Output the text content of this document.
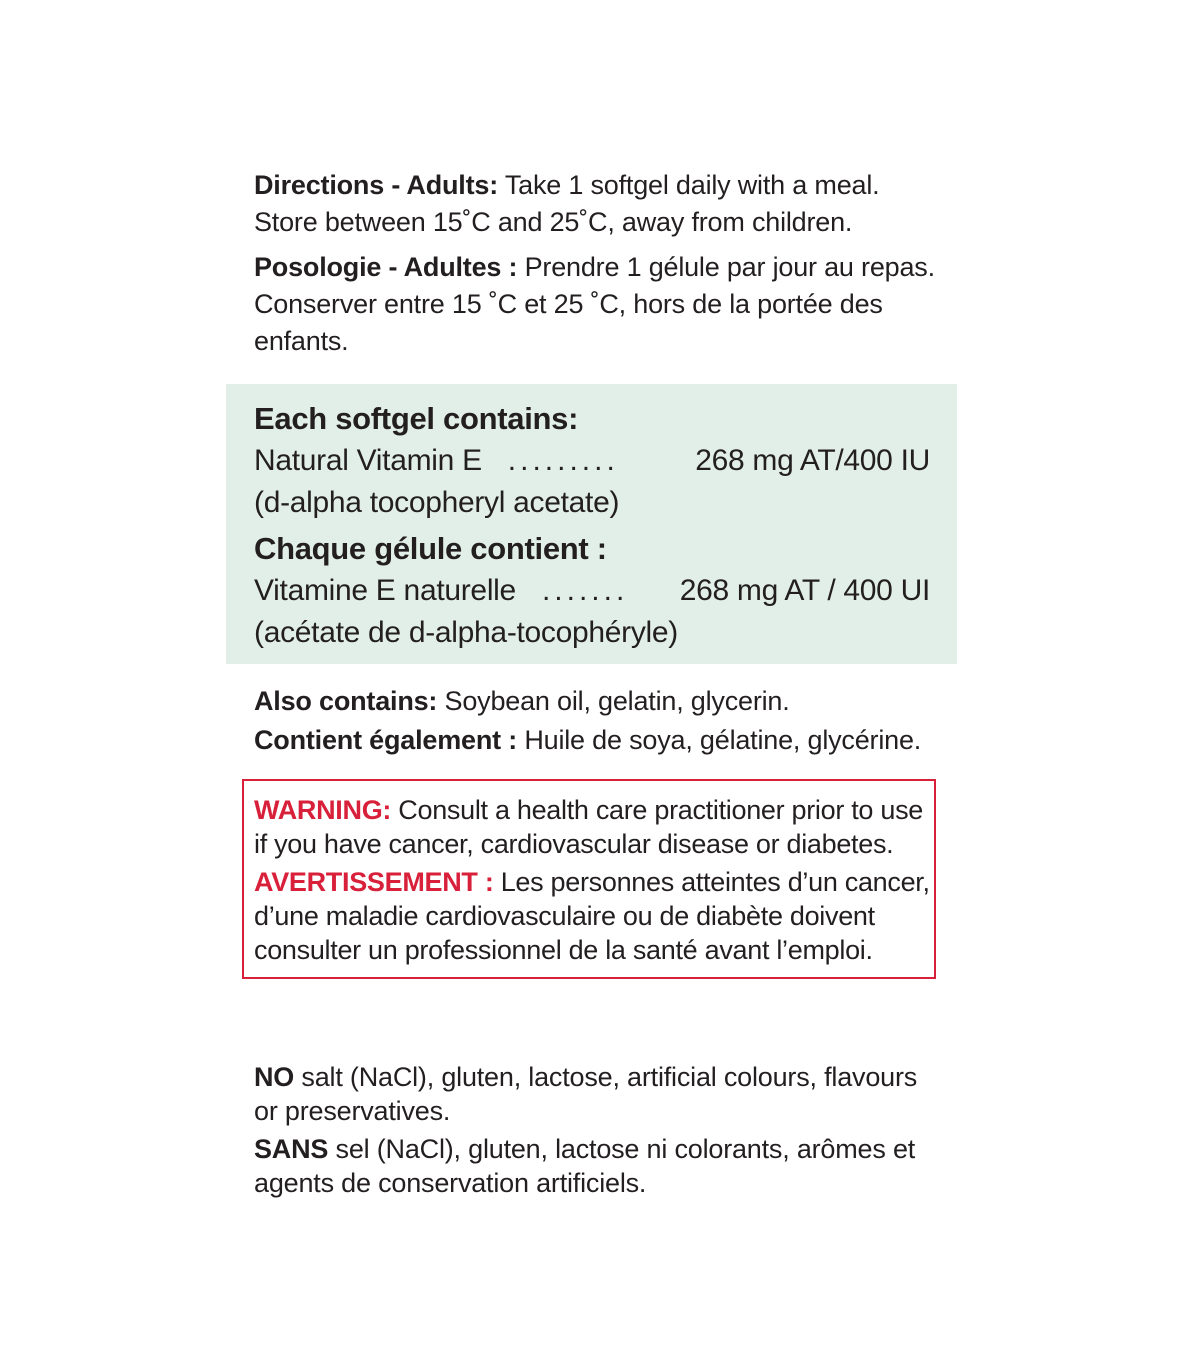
Directions - Adults: Take 1 softgel daily with a meal. Store between 15˚C and 25˚C, away from children.

Posologie - Adultes : Prendre 1 gélule par jour au repas. Conserver entre 15 ˚C et 25 ˚C, hors de la portée des enfants.

Each softgel contains:

Natural Vitamin E .........	268 mg AT/400 IU

(d-alpha tocopheryl acetate)

Chaque gélule contient :

Vitamine E naturelle .......	268 mg AT / 400 UI

(acétate de d-alpha-tocophéryle)

Also contains: Soybean oil, gelatin, glycerin.

Contient également : Huile de soya, gélatine, glycérine.

WARNING: Consult a health care practitioner prior to use if you have cancer, cardiovascular disease or diabetes.

AVERTISSEMENT : Les personnes atteintes d’un cancer, d’une maladie cardiovasculaire ou de diabète doivent consulter un professionnel de la santé avant l’emploi.

NO salt (NaCl), gluten, lactose, artificial colours, flavours or preservatives.

SANS sel (NaCl), gluten, lactose ni colorants, arômes et agents de conservation artificiels.
